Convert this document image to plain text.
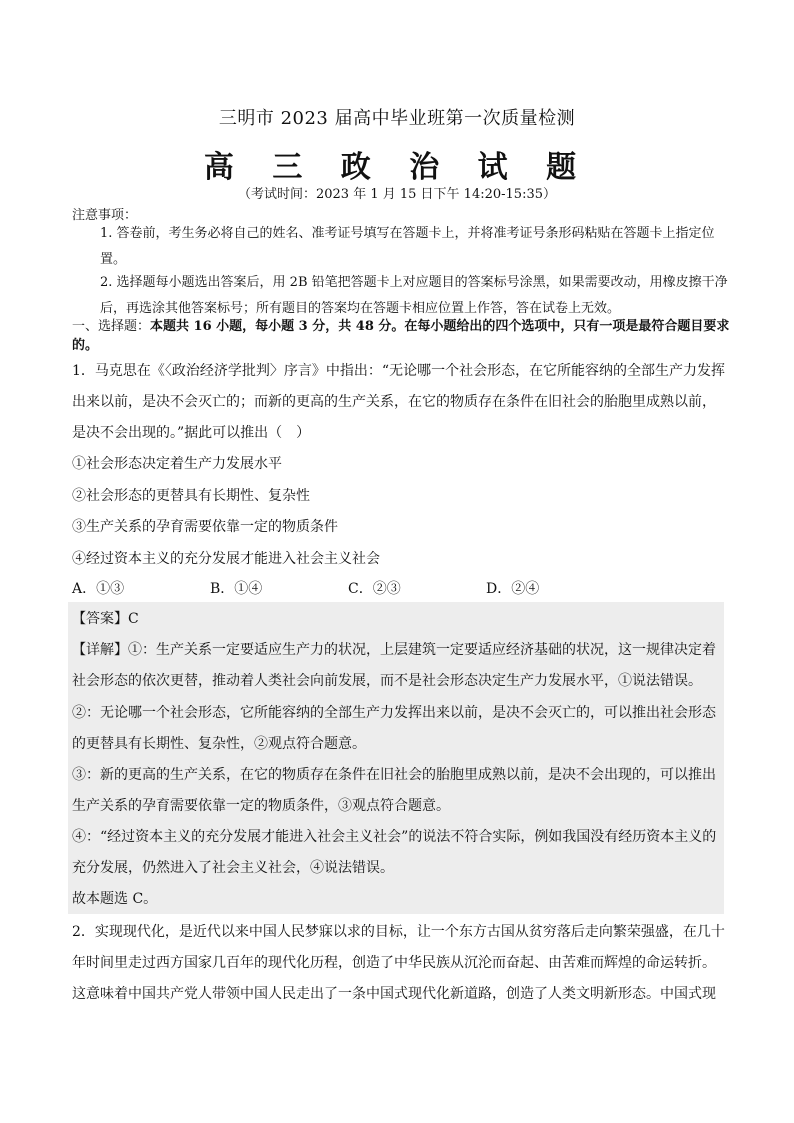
三明市 2023 届高中毕业班第一次质量检测
高 三 政 治 试 题
（考试时间：2023 年 1 月 15 日下午 14:20-15:35）
注意事项：
1. 答卷前，考生务必将自己的姓名、准考证号填写在答题卡上，并将准考证号条形码粘贴在答题卡上指定位置。
2. 选择题每小题选出答案后，用 2B 铅笔把答题卡上对应题目的答案标号涂黑，如果需要改动，用橡皮擦干净后，再选涂其他答案标号；所有题目的答案均在答题卡相应位置上作答，答在试卷上无效。
一、选择题：本题共 16 小题，每小题 3 分，共 48 分。在每小题给出的四个选项中，只有一项是最符合题目要求的。
1．马克思在《〈政治经济学批判〉序言》中指出：“无论哪一个社会形态，在它所能容纳的全部生产力发挥出来以前，是决不会灭亡的；而新的更高的生产关系，在它的物质存在条件在旧社会的胎胞里成熟以前，是决不会出现的。”据此可以推出（　）
①社会形态决定着生产力发展水平
②社会形态的更替具有长期性、复杂性
③生产关系的孕育需要依靠一定的物质条件
④经过资本主义的充分发展才能进入社会主义社会
A．①③	B．①④	C．②③	D．②④
【答案】C
【详解】①：生产关系一定要适应生产力的状况，上层建筑一定要适应经济基础的状况，这一规律决定着社会形态的依次更替，推动着人类社会向前发展，而不是社会形态决定生产力发展水平，①说法错误。
②：无论哪一个社会形态，它所能容纳的全部生产力发挥出来以前，是决不会灭亡的，可以推出社会形态的更替具有长期性、复杂性，②观点符合题意。
③：新的更高的生产关系，在它的物质存在条件在旧社会的胎胞里成熟以前，是决不会出现的，可以推出生产关系的孕育需要依靠一定的物质条件，③观点符合题意。
④：“经过资本主义的充分发展才能进入社会主义社会”的说法不符合实际，例如我国没有经历资本主义的充分发展，仍然进入了社会主义社会，④说法错误。
故本题选 C。
2．实现现代化，是近代以来中国人民梦寐以求的目标，让一个东方古国从贫穷落后走向繁荣强盛，在几十年时间里走过西方国家几百年的现代化历程，创造了中华民族从沉沦而奋起、由苦难而辉煌的命运转折。这意味着中国共产党人带领中国人民走出了一条中国式现代化新道路，创造了人类文明新形态。中国式现
